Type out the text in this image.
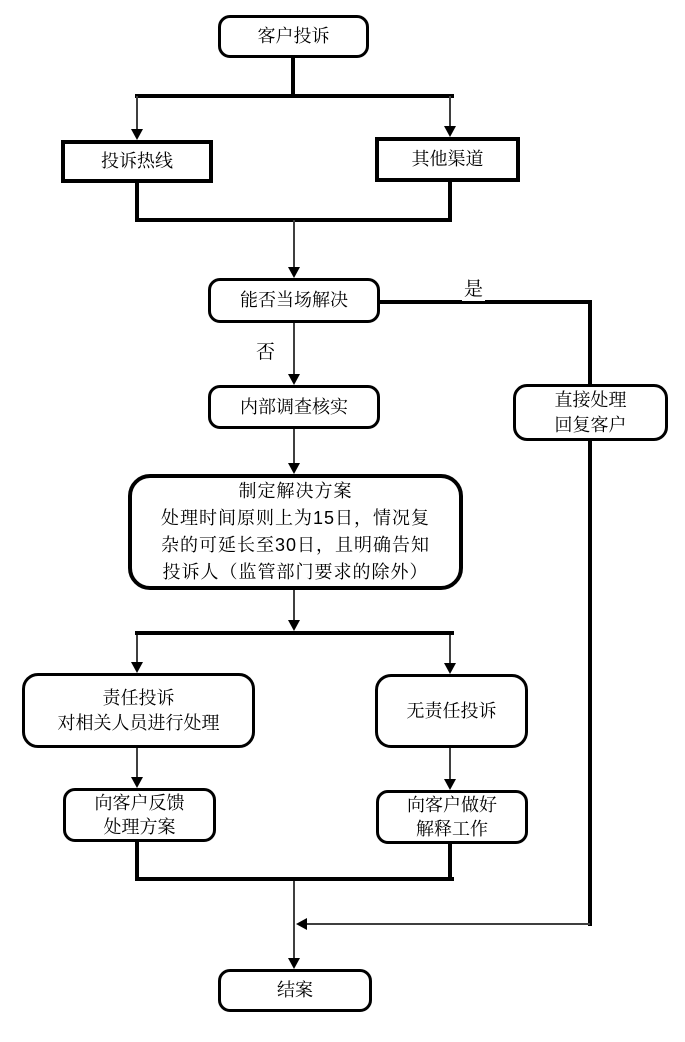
客户投诉
投诉热线	其他渠道
能否当场解决
内部调查核实	直接处理
回复客户
制定解决方案
处理时间原则上为15日，情况复
杂的可延长至30日，且明确告知
投诉人（监管部门要求的除外）
责任投诉
对相关人员进行处理
无责任投诉
向客户反馈
处理方案
向客户做好
解释工作
结案
是
否
